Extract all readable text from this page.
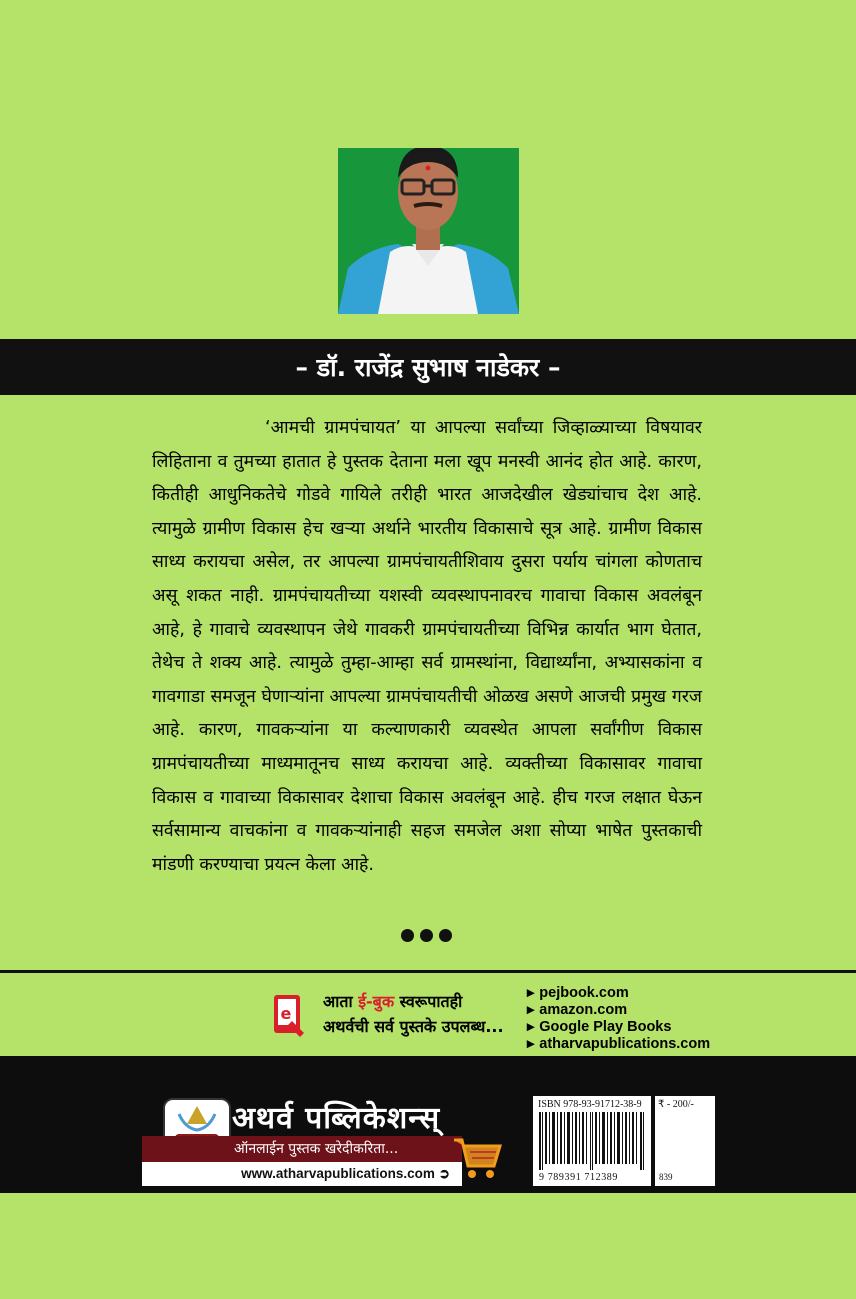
– डॉ. राजेंद्र सुभाष नाडेकर –

‘आमची ग्रामपंचायत’ या आपल्या सर्वांच्या जिव्हाळ्याच्या विषयावर लिहिताना व तुमच्या हातात हे पुस्तक देताना मला खूप मनस्वी आनंद होत आहे. कारण, कितीही आधुनिकतेचे गोडवे गायिले तरीही भारत आजदेखील खेड्यांचाच देश आहे. त्यामुळे ग्रामीण विकास हेच खऱ्या अर्थाने भारतीय विकासाचे सूत्र आहे. ग्रामीण विकास साध्य करायचा असेल, तर आपल्या ग्रामपंचायतीशिवाय दुसरा पर्याय चांगला कोणताच असू शकत नाही. ग्रामपंचायतीच्या यशस्वी व्यवस्थापनावरच गावाचा विकास अवलंबून आहे, हे गावाचे व्यवस्थापन जेथे गावकरी ग्रामपंचायतीच्या विभिन्न कार्यात भाग घेतात, तेथेच ते शक्य आहे. त्यामुळे तुम्हा-आम्हा सर्व ग्रामस्थांना, विद्यार्थ्यांना, अभ्यासकांना व गावगाडा समजून घेणाऱ्यांना आपल्या ग्रामपंचायतीची ओळख असणे आजची प्रमुख गरज आहे. कारण, गावकऱ्यांना या कल्याणकारी व्यवस्थेत आपला सर्वांगीण विकास ग्रामपंचायतीच्या माध्यमातूनच साध्य करायचा आहे. व्यक्तीच्या विकासावर गावाचा विकास व गावाच्या विकासावर देशाचा विकास अवलंबून आहे. हीच गरज लक्षात घेऊन सर्वसामान्य वाचकांना व गावकऱ्यांनाही सहज समजेल अशा सोप्या भाषेत पुस्तकाची मांडणी करण्याचा प्रयत्न केला आहे.

e
आता ई-बुक स्वरूपातही
अथर्वची सर्व पुस्तके उपलब्ध...
▸ pejbook.com
▸ amazon.com
▸ Google Play Books
▸ atharvapublications.com
अथर्व पब्लिकेशन्स्
ऑनलाईन पुस्तक खरेदीकरिता...
www.atharvapublications.com ➲
ISBN 978-93-91712-38-9
9 789391 712389
₹ - 200/-
839
